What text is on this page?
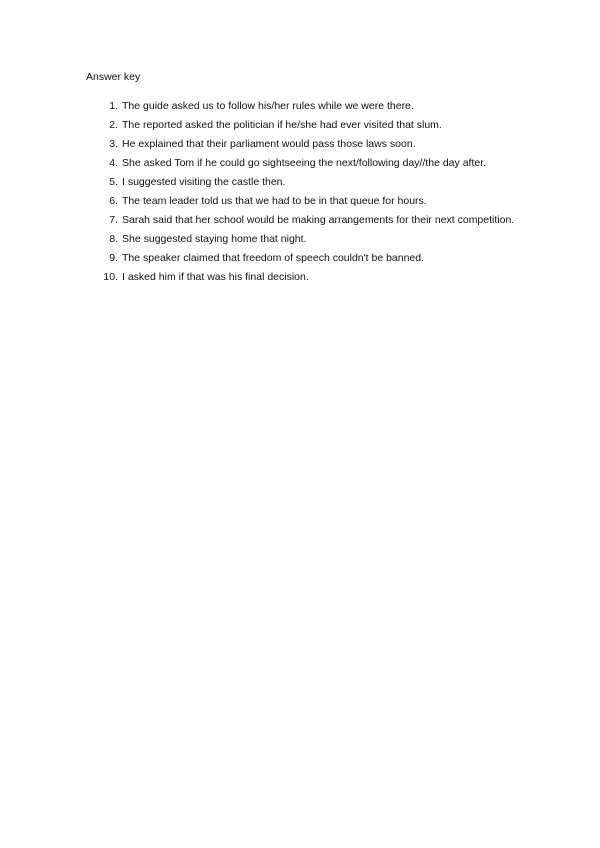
Answer key
1. The guide asked us to follow his/her rules while we were there.
2. The reported asked the politician if he/she had ever visited that slum.
3. He explained that their parliament would pass those laws soon.
4. She asked Tom if he could go sightseeing the next/following day//the day after.
5. I suggested visiting the castle then.
6. The team leader told us that we had to be in that queue for hours.
7. Sarah said that her school would be making arrangements for their next competition.
8. She suggested staying home that night.
9. The speaker claimed that freedom of speech couldn't be banned.
10. I asked him if that was his final decision.
